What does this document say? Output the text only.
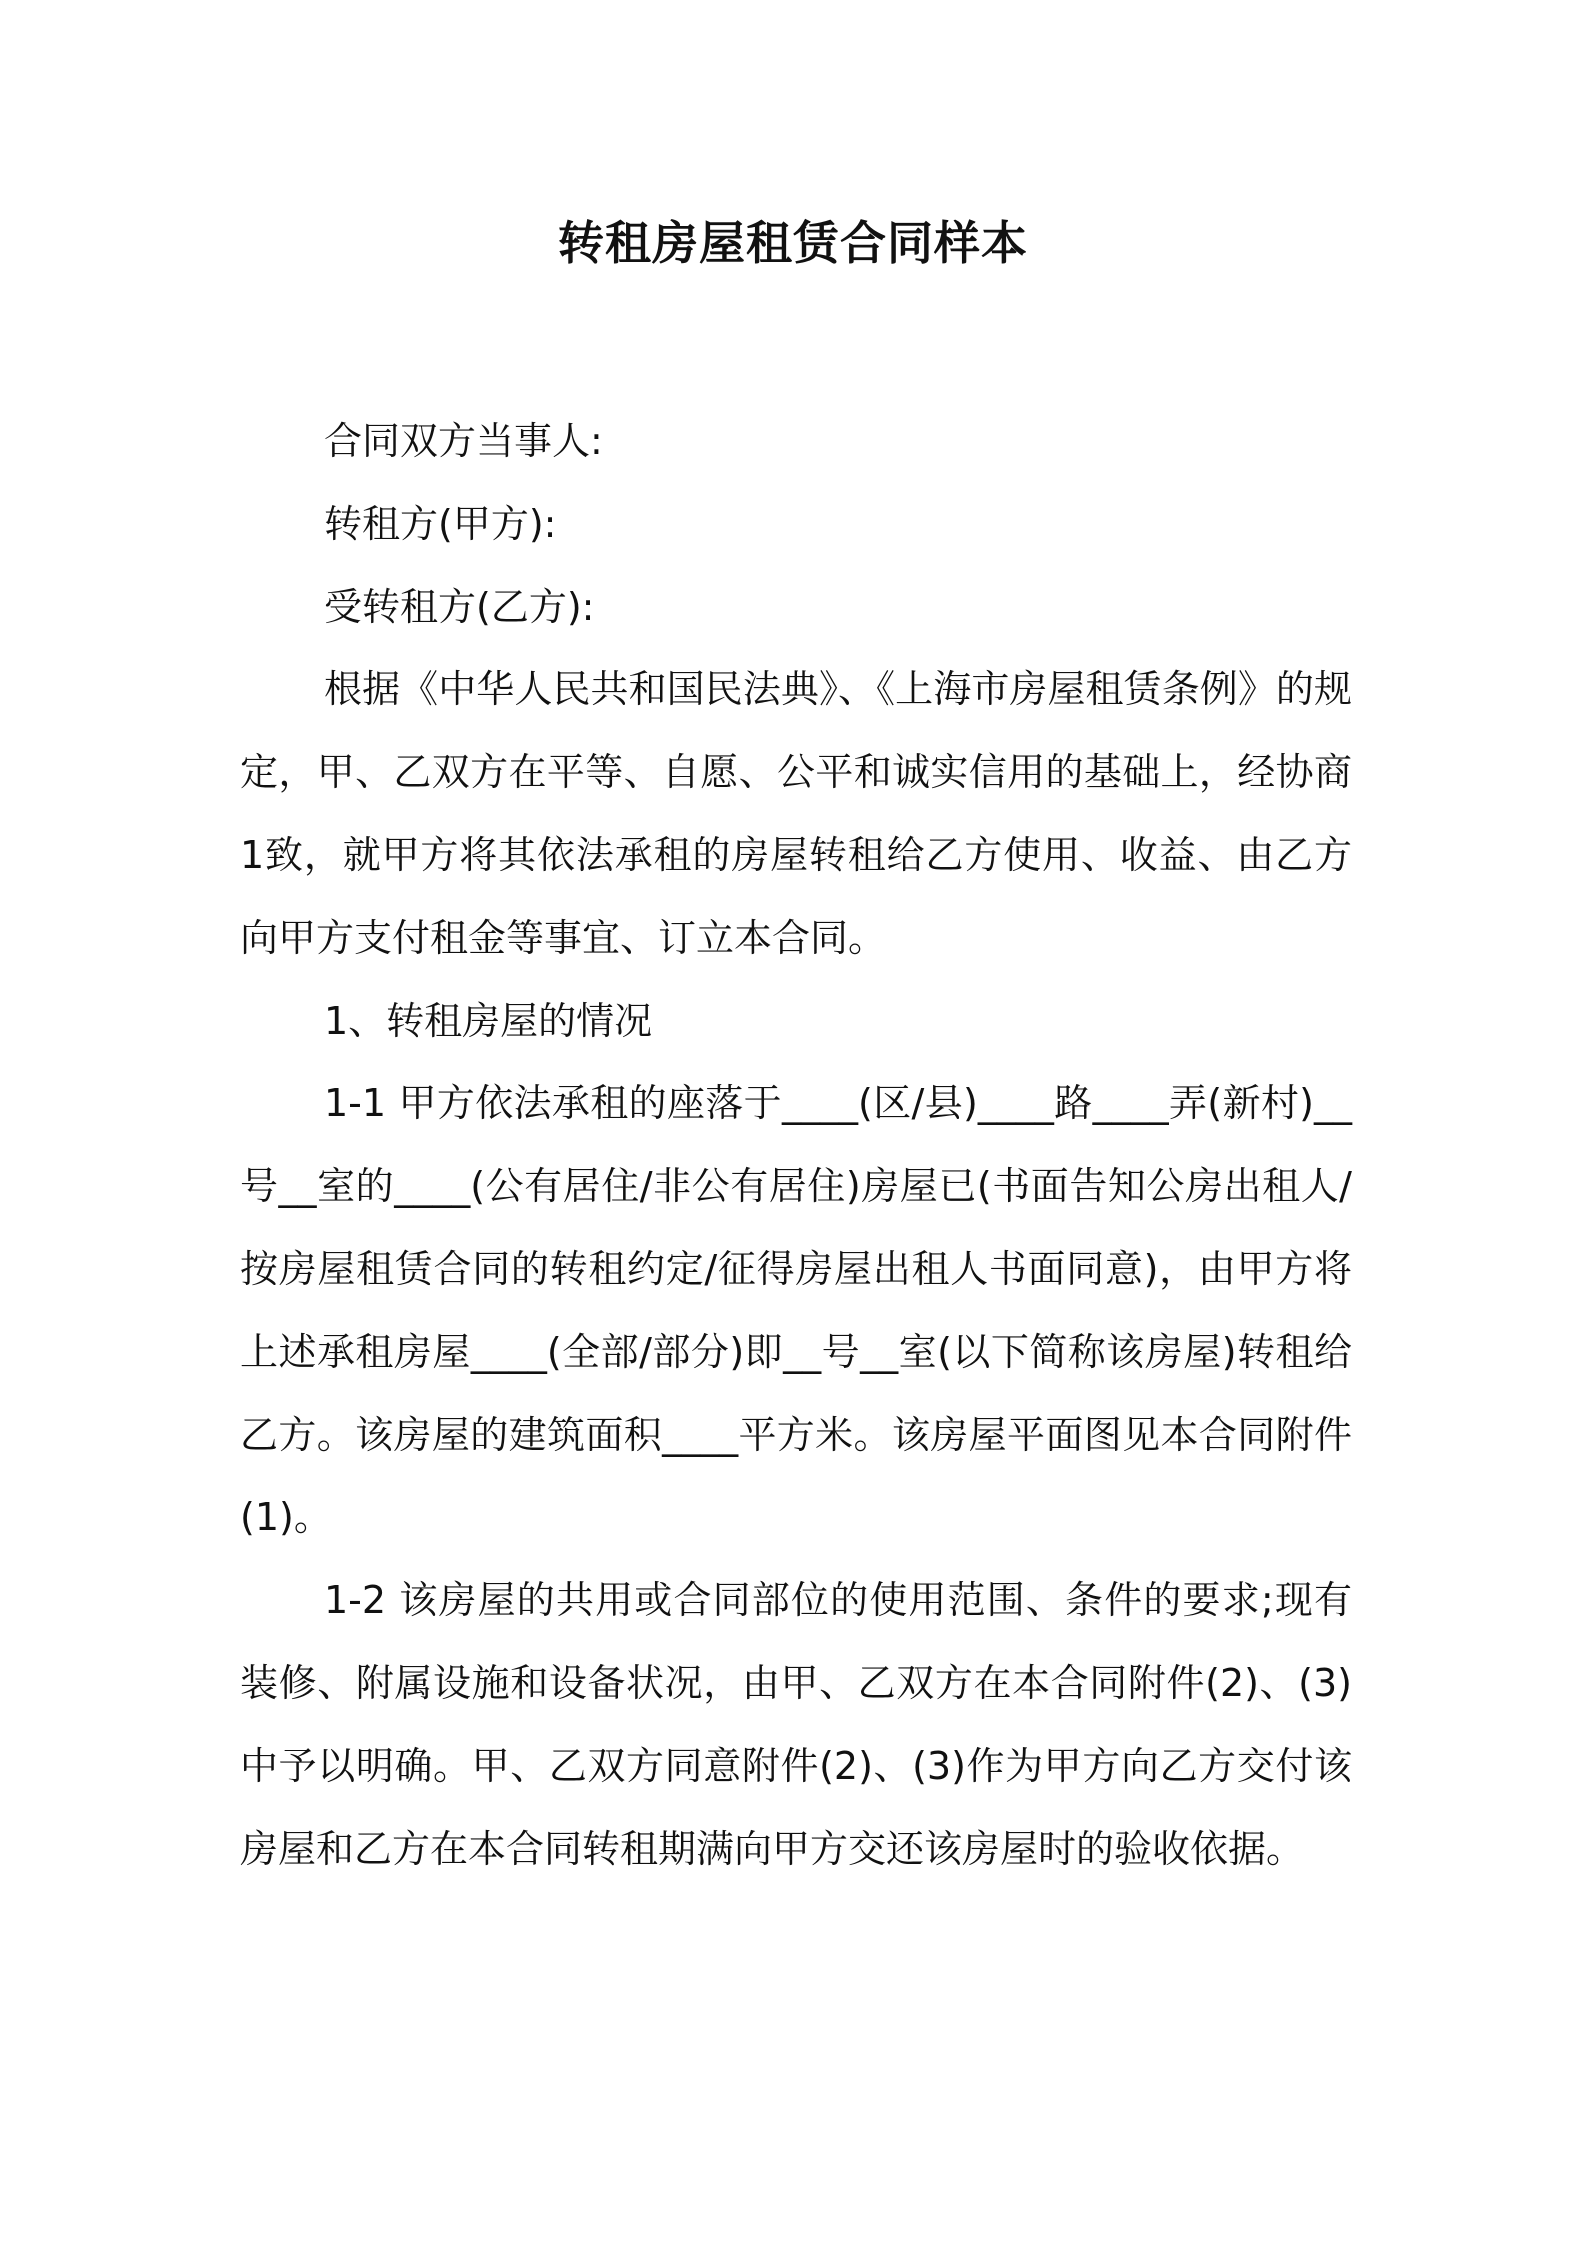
转租房屋租赁合同样本

合同双方当事人:

转租方(甲方):

受转租方(乙方):

根据《中华人民共和国民法典》、《上海市房屋租赁条例》的规定，甲、乙双方在平等、自愿、公平和诚实信用的基础上，经协商1致，就甲方将其依法承租的房屋转租给乙方使用、收益、由乙方向甲方支付租金等事宜、订立本合同。

1、转租房屋的情况

1-1 甲方依法承租的座落于____(区/县)____路____弄(新村)__号__室的____(公有居住/非公有居住)房屋已(书面告知公房出租人/按房屋租赁合同的转租约定/征得房屋出租人书面同意)，由甲方将上述承租房屋____(全部/部分)即__号__室(以下简称该房屋)转租给乙方。该房屋的建筑面积____平方米。该房屋平面图见本合同附件(1)。

1-2 该房屋的共用或合同部位的使用范围、条件的要求;现有装修、附属设施和设备状况，由甲、乙双方在本合同附件(2)、(3)中予以明确。甲、乙双方同意附件(2)、(3)作为甲方向乙方交付该房屋和乙方在本合同转租期满向甲方交还该房屋时的验收依据。
